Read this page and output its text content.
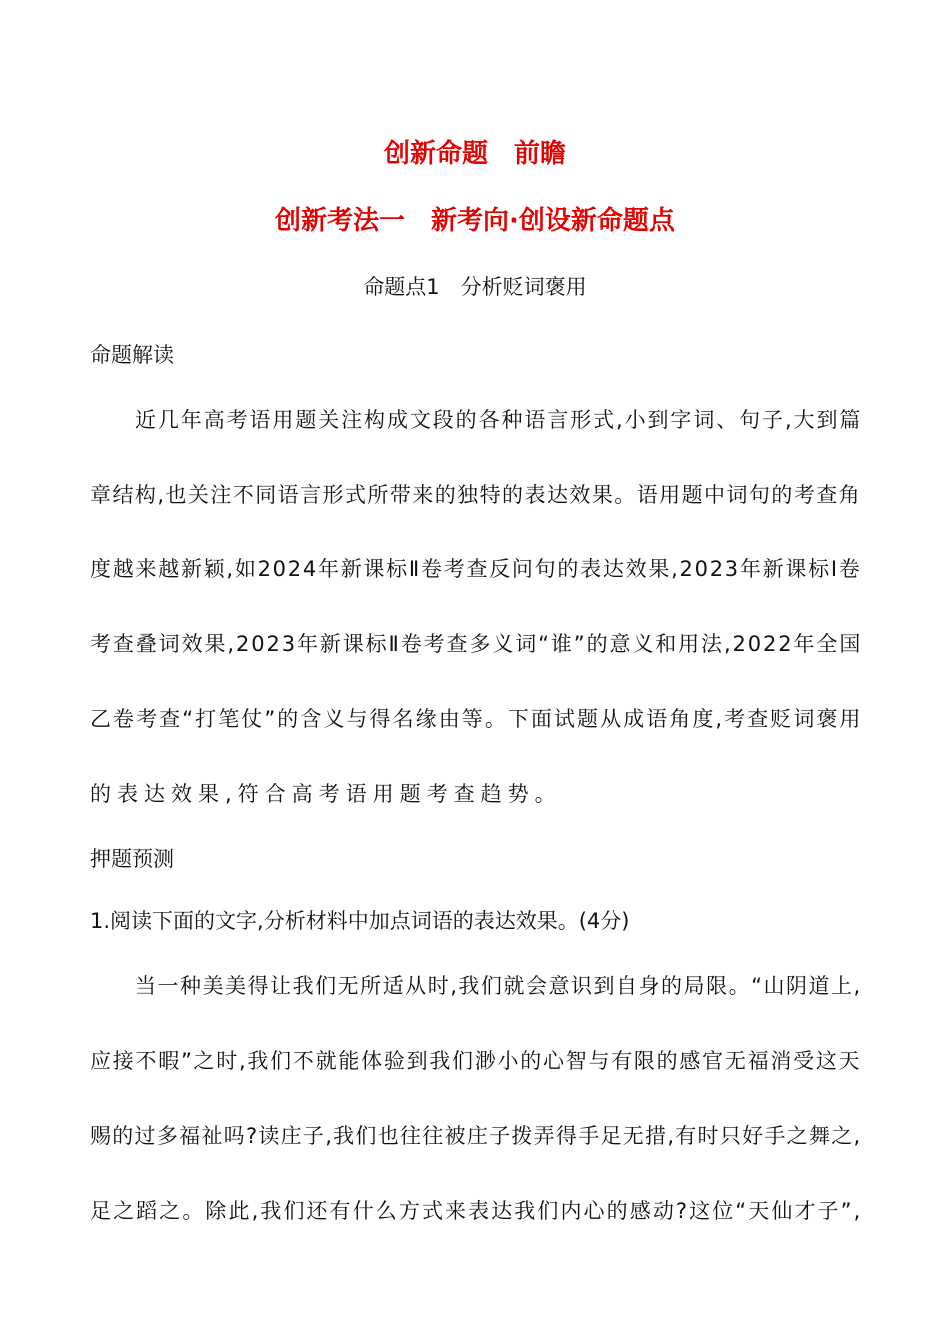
创新命题　前瞻
创新考法一　新考向·创设新命题点
命题点1　分析贬词褒用
命题解读
近几年高考语用题关注构成文段的各种语言形式,小到字词、句子,大到篇
章结构,也关注不同语言形式所带来的独特的表达效果。语用题中词句的考查角
度越来越新颖,如2024年新课标Ⅱ卷考查反问句的表达效果,2023年新课标Ⅰ卷
考查叠词效果,2023年新课标Ⅱ卷考查多义词“谁”的意义和用法,2022年全国
乙卷考查“打笔仗”的含义与得名缘由等。下面试题从成语角度,考查贬词褒用
的表达效果,符合高考语用题考查趋势。
押题预测
1.阅读下面的文字,分析材料中加点词语的表达效果。(4分)
当一种美美得让我们无所适从时,我们就会意识到自身的局限。“山阴道上,
应接不暇”之时,我们不就能体验到我们渺小的心智与有限的感官无福消受这天
赐的过多福祉吗?读庄子,我们也往往被庄子拨弄得手足无措,有时只好手之舞之,
足之蹈之。除此,我们还有什么方式来表达我们内心的感动?这位“天仙才子”,
